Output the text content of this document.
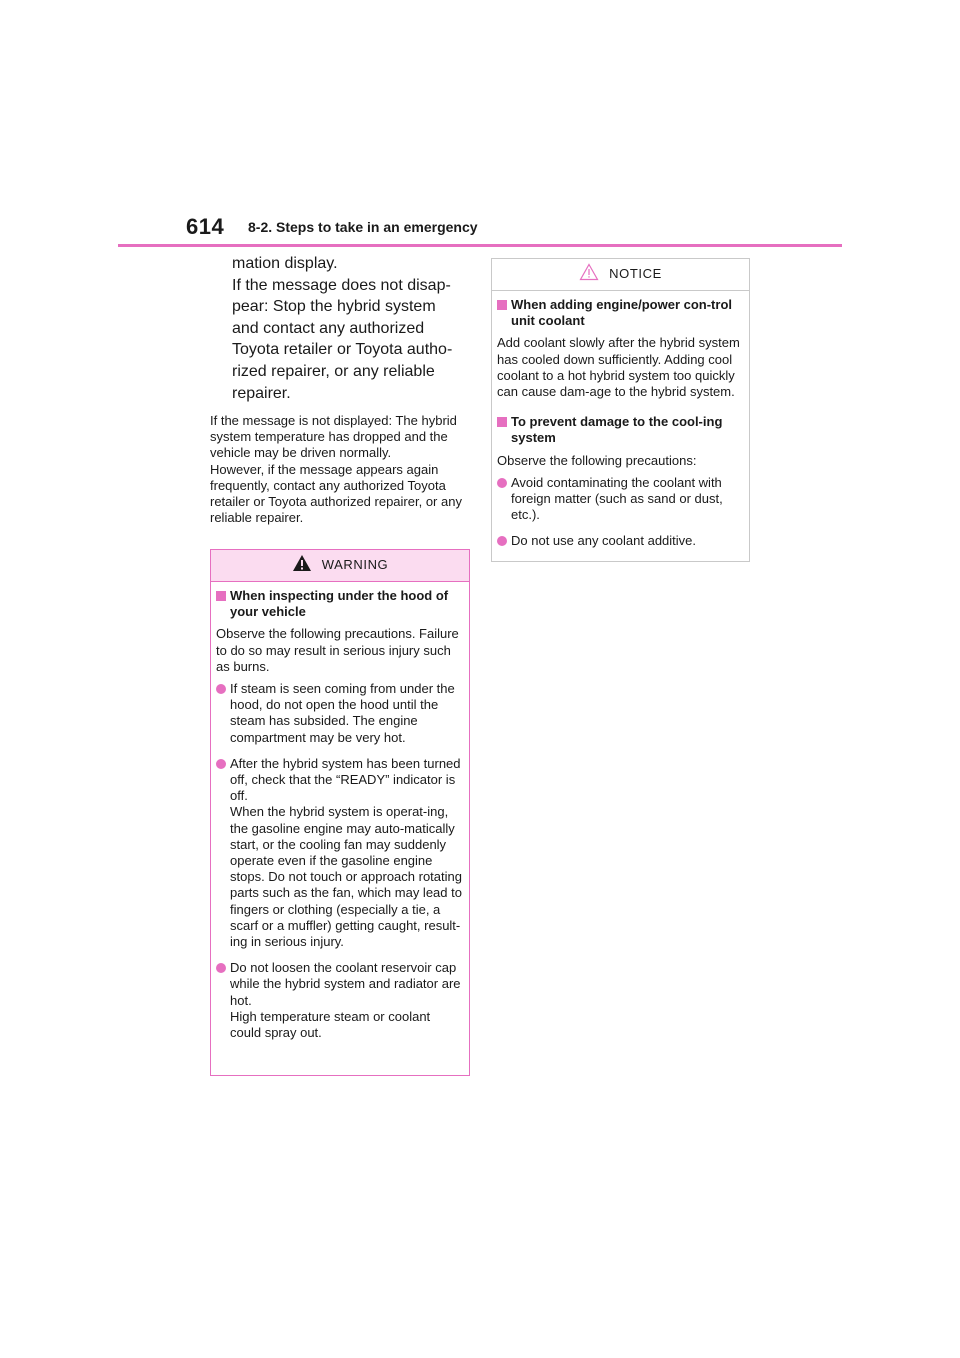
614 8-2. Steps to take in an emergency

mation display.

If the message does not disap-

pear: Stop the hybrid system

and contact any authorized

Toyota retailer or Toyota autho-

rized repairer, or any reliable

repairer.

If the message is not displayed: The hybrid system temperature has dropped and the vehicle may be driven normally.
However, if the message appears again frequently, contact any authorized Toyota retailer or Toyota authorized repairer, or any reliable repairer.

WARNING
When inspecting under the hood of your vehicle

Observe the following precautions. Failure to do so may result in serious injury such as burns.

If steam is seen coming from under the hood, do not open the hood until the steam has subsided. The engine compartment may be very hot.
After the hybrid system has been turned off, check that the “READY” indicator is off.
When the hybrid system is operat-ing, the gasoline engine may auto-matically start, or the cooling fan may suddenly operate even if the gasoline engine stops. Do not touch or approach rotating parts such as the fan, which may lead to fingers or clothing (especially a tie, a scarf or a muffler) getting caught, result-ing in serious injury.
Do not loosen the coolant reservoir cap while the hybrid system and radiator are hot.
High temperature steam or coolant could spray out.
NOTICE
When adding engine/power con-trol unit coolant

Add coolant slowly after the hybrid system has cooled down sufficiently. Adding cool coolant to a hot hybrid system too quickly can cause dam-age to the hybrid system.

To prevent damage to the cool-ing system

Observe the following precautions:

Avoid contaminating the coolant with foreign matter (such as sand or dust, etc.).
Do not use any coolant additive.
